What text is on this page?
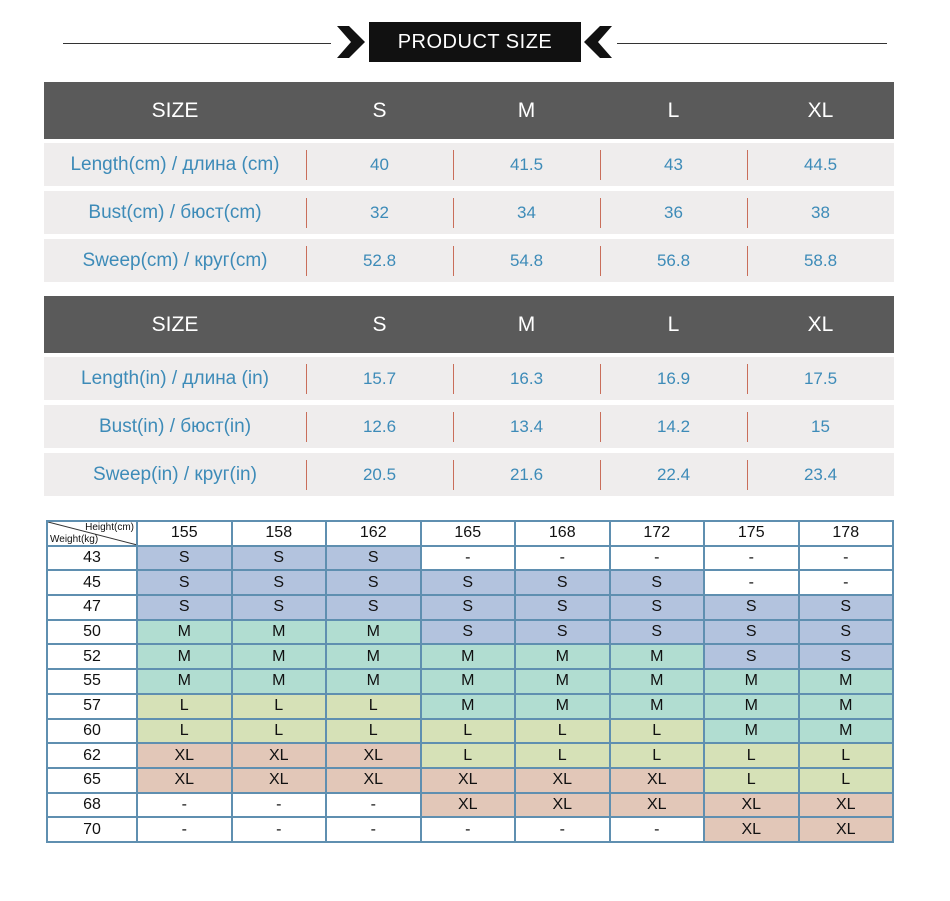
PRODUCT SIZE
SIZE	S	M	L	XL
Length(cm) / длина (cm)	40	41.5	43	44.5
Bust(cm) / бюст(cm)	32	34	36	38
Sweep(cm) / круг(cm)	52.8	54.8	56.8	58.8
SIZE	S	M	L	XL
Length(in) / длина (in)	15.7	16.3	16.9	17.5
Bust(in) / бюст(in)	12.6	13.4	14.2	15
Sweep(in) / круг(in)	20.5	21.6	22.4	23.4
Height(cm)
Weight(kg)	155	158	162	165	168	172	175	178
43	S	S	S	-	-	-	-	-
45	S	S	S	S	S	S	-	-
47	S	S	S	S	S	S	S	S
50	M	M	M	S	S	S	S	S
52	M	M	M	M	M	M	S	S
55	M	M	M	M	M	M	M	M
57	L	L	L	M	M	M	M	M
60	L	L	L	L	L	L	M	M
62	XL	XL	XL	L	L	L	L	L
65	XL	XL	XL	XL	XL	XL	L	L
68	-	-	-	XL	XL	XL	XL	XL
70	-	-	-	-	-	-	XL	XL
